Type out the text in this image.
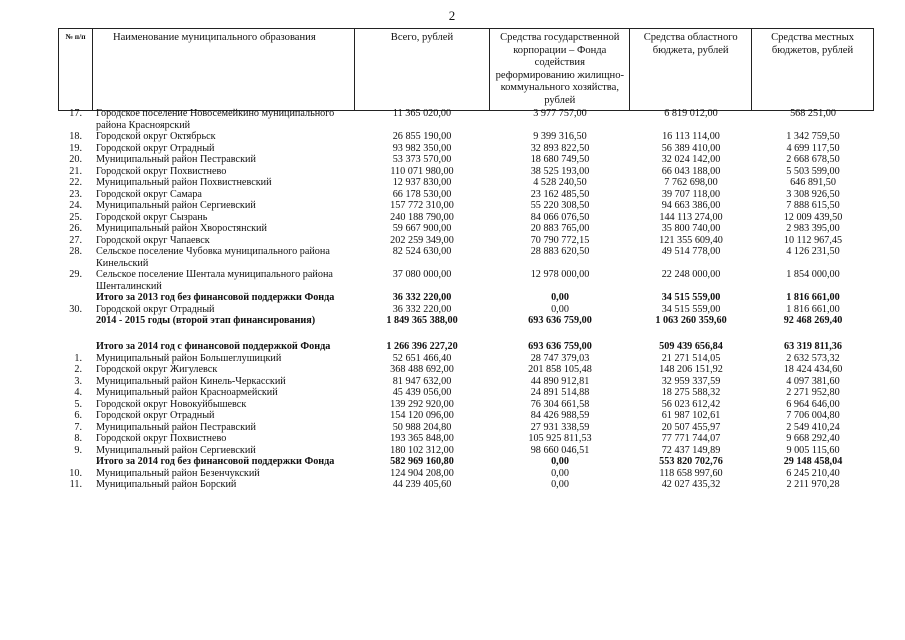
2
№ п/п	Наименование муниципального образования	Всего, рублей	Средства государственной корпорации – Фонда содействия реформированию жилищно-коммунального хозяйства, рублей	Средства областного бюджета, рублей	Средства местных бюджетов, рублей
17.	Городское поселение Новосемейкино муниципального района Красноярский	11 365 020,00	3 977 757,00	6 819 012,00	568 251,00
18.	Городской округ Октябрьск	26 855 190,00	9 399 316,50	16 113 114,00	1 342 759,50
19.	Городской округ Отрадный	93 982 350,00	32 893 822,50	56 389 410,00	4 699 117,50
20.	Муниципальный район Пестравский	53 373 570,00	18 680 749,50	32 024 142,00	2 668 678,50
21.	Городской округ Похвистнево	110 071 980,00	38 525 193,00	66 043 188,00	5 503 599,00
22.	Муниципальный район Похвистневский	12 937 830,00	4 528 240,50	7 762 698,00	646 891,50
23.	Городской округ Самара	66 178 530,00	23 162 485,50	39 707 118,00	3 308 926,50
24.	Муниципальный район Сергиевский	157 772 310,00	55 220 308,50	94 663 386,00	7 888 615,50
25.	Городской округ Сызрань	240 188 790,00	84 066 076,50	144 113 274,00	12 009 439,50
26.	Муниципальный район Хворостянский	59 667 900,00	20 883 765,00	35 800 740,00	2 983 395,00
27.	Городской округ Чапаевск	202 259 349,00	70 790 772,15	121 355 609,40	10 112 967,45
28.	Сельское поселение Чубовка муниципального района Кинельский	82 524 630,00	28 883 620,50	49 514 778,00	4 126 231,50
29.	Сельское поселение Шентала муниципального района Шенталинский	37 080 000,00	12 978 000,00	22 248 000,00	1 854 000,00
	Итого за 2013 год без финансовой поддержки Фонда	36 332 220,00	0,00	34 515 559,00	1 816 661,00
30.	Городской округ Отрадный	36 332 220,00	0,00	34 515 559,00	1 816 661,00
	2014 - 2015 годы (второй этап финансирования)	1 849 365 388,00	693 636 759,00	1 063 260 359,60	92 468 269,40
	Итого за 2014 год с финансовой поддержкой Фонда	1 266 396 227,20	693 636 759,00	509 439 656,84	63 319 811,36
1.	Муниципальный район Большеглушицкий	52 651 466,40	28 747 379,03	21 271 514,05	2 632 573,32
2.	Городской округ Жигулевск	368 488 692,00	201 858 105,48	148 206 151,92	18 424 434,60
3.	Муниципальный район Кинель-Черкасский	81 947 632,00	44 890 912,81	32 959 337,59	4 097 381,60
4.	Муниципальный район Красноармейский	45 439 056,00	24 891 514,88	18 275 588,32	2 271 952,80
5.	Городской округ Новокуйбышевск	139 292 920,00	76 304 661,58	56 023 612,42	6 964 646,00
6.	Городской округ Отрадный	154 120 096,00	84 426 988,59	61 987 102,61	7 706 004,80
7.	Муниципальный район Пестравский	50 988 204,80	27 931 338,59	20 507 455,97	2 549 410,24
8.	Городской округ Похвистнево	193 365 848,00	105 925 811,53	77 771 744,07	9 668 292,40
9.	Муниципальный район Сергиевский	180 102 312,00	98 660 046,51	72 437 149,89	9 005 115,60
	Итого за 2014 год без финансовой поддержки Фонда	582 969 160,80	0,00	553 820 702,76	29 148 458,04
10.	Муниципальный район Безенчукский	124 904 208,00	0,00	118 658 997,60	6 245 210,40
11.	Муниципальный район Борский	44 239 405,60	0,00	42 027 435,32	2 211 970,28
